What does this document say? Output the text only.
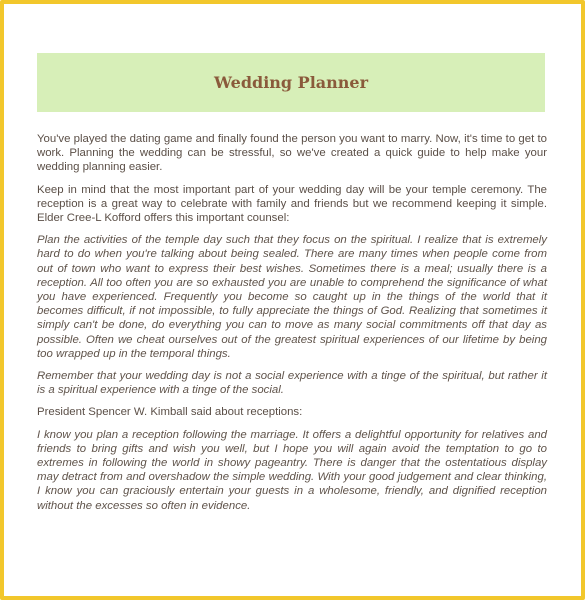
Wedding Planner

You've played the dating game and finally found the person you want to marry. Now, it's time to get to work. Planning the wedding can be stressful, so we've created a quick guide to help make your wedding planning easier.

Keep in mind that the most important part of your wedding day will be your temple ceremony. The reception is a great way to celebrate with family and friends but we recommend keeping it simple. Elder Cree-L Kofford offers this important counsel:

Plan the activities of the temple day such that they focus on the spiritual. I realize that is extremely hard to do when you're talking about being sealed. There are many times when people come from out of town who want to express their best wishes. Sometimes there is a meal; usually there is a reception. All too often you are so exhausted you are unable to comprehend the significance of what you have experienced. Frequently you become so caught up in the things of the world that it becomes difficult, if not impossible, to fully appreciate the things of God. Realizing that sometimes it simply can't be done, do everything you can to move as many social commitments off that day as possible. Often we cheat ourselves out of the greatest spiritual experiences of our lifetime by being too wrapped up in the temporal things.

Remember that your wedding day is not a social experience with a tinge of the spiritual, but rather it is a spiritual experience with a tinge of the social.

President Spencer W. Kimball said about receptions:

I know you plan a reception following the marriage. It offers a delightful opportunity for relatives and friends to bring gifts and wish you well, but I hope you will again avoid the temptation to go to extremes in following the world in showy pageantry. There is danger that the ostentatious display may detract from and overshadow the simple wedding. With your good judgement and clear thinking, I know you can graciously entertain your guests in a wholesome, friendly, and dignified reception without the excesses so often in evidence.
